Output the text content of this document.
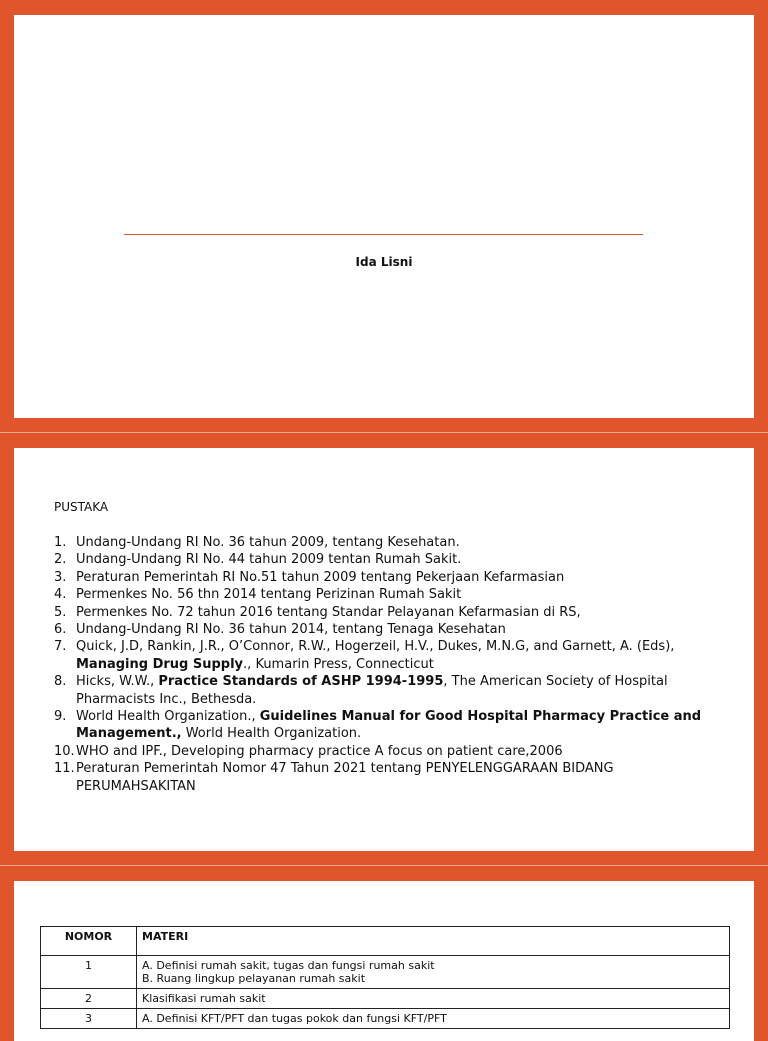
Ida Lisni
PUSTAKA
1. Undang-Undang RI No. 36 tahun 2009, tentang Kesehatan.
2. Undang-Undang RI No. 44 tahun 2009 tentan Rumah Sakit.
3. Peraturan Pemerintah RI No.51 tahun 2009 tentang Pekerjaan Kefarmasian
4. Permenkes No. 56 thn 2014 tentang Perizinan Rumah Sakit
5. Permenkes No. 72 tahun 2016 tentang Standar Pelayanan Kefarmasian di RS,
6. Undang-Undang RI No. 36 tahun 2014, tentang Tenaga Kesehatan
7. Quick, J.D, Rankin, J.R., O’Connor, R.W., Hogerzeil, H.V., Dukes, M.N.G, and Garnett, A. (Eds), Managing Drug Supply., Kumarin Press, Connecticut
8. Hicks, W.W., Practice Standards of ASHP 1994-1995, The American Society of Hospital Pharmacists Inc., Bethesda.
9. World Health Organization., Guidelines Manual for Good Hospital Pharmacy Practice and Management., World Health Organization.
10. WHO and IPF., Developing pharmacy practice A focus on patient care,2006
11. Peraturan Pemerintah Nomor 47 Tahun 2021 tentang PENYELENGGARAAN BIDANG PERUMAHSAKITAN
NOMOR	MATERI
1	A. Definisi rumah sakit, tugas dan fungsi rumah sakit
B. Ruang lingkup pelayanan rumah sakit

2	Klasifikasi rumah sakit

3	A. Definisi KFT/PFT dan tugas pokok dan fungsi KFT/PFT
